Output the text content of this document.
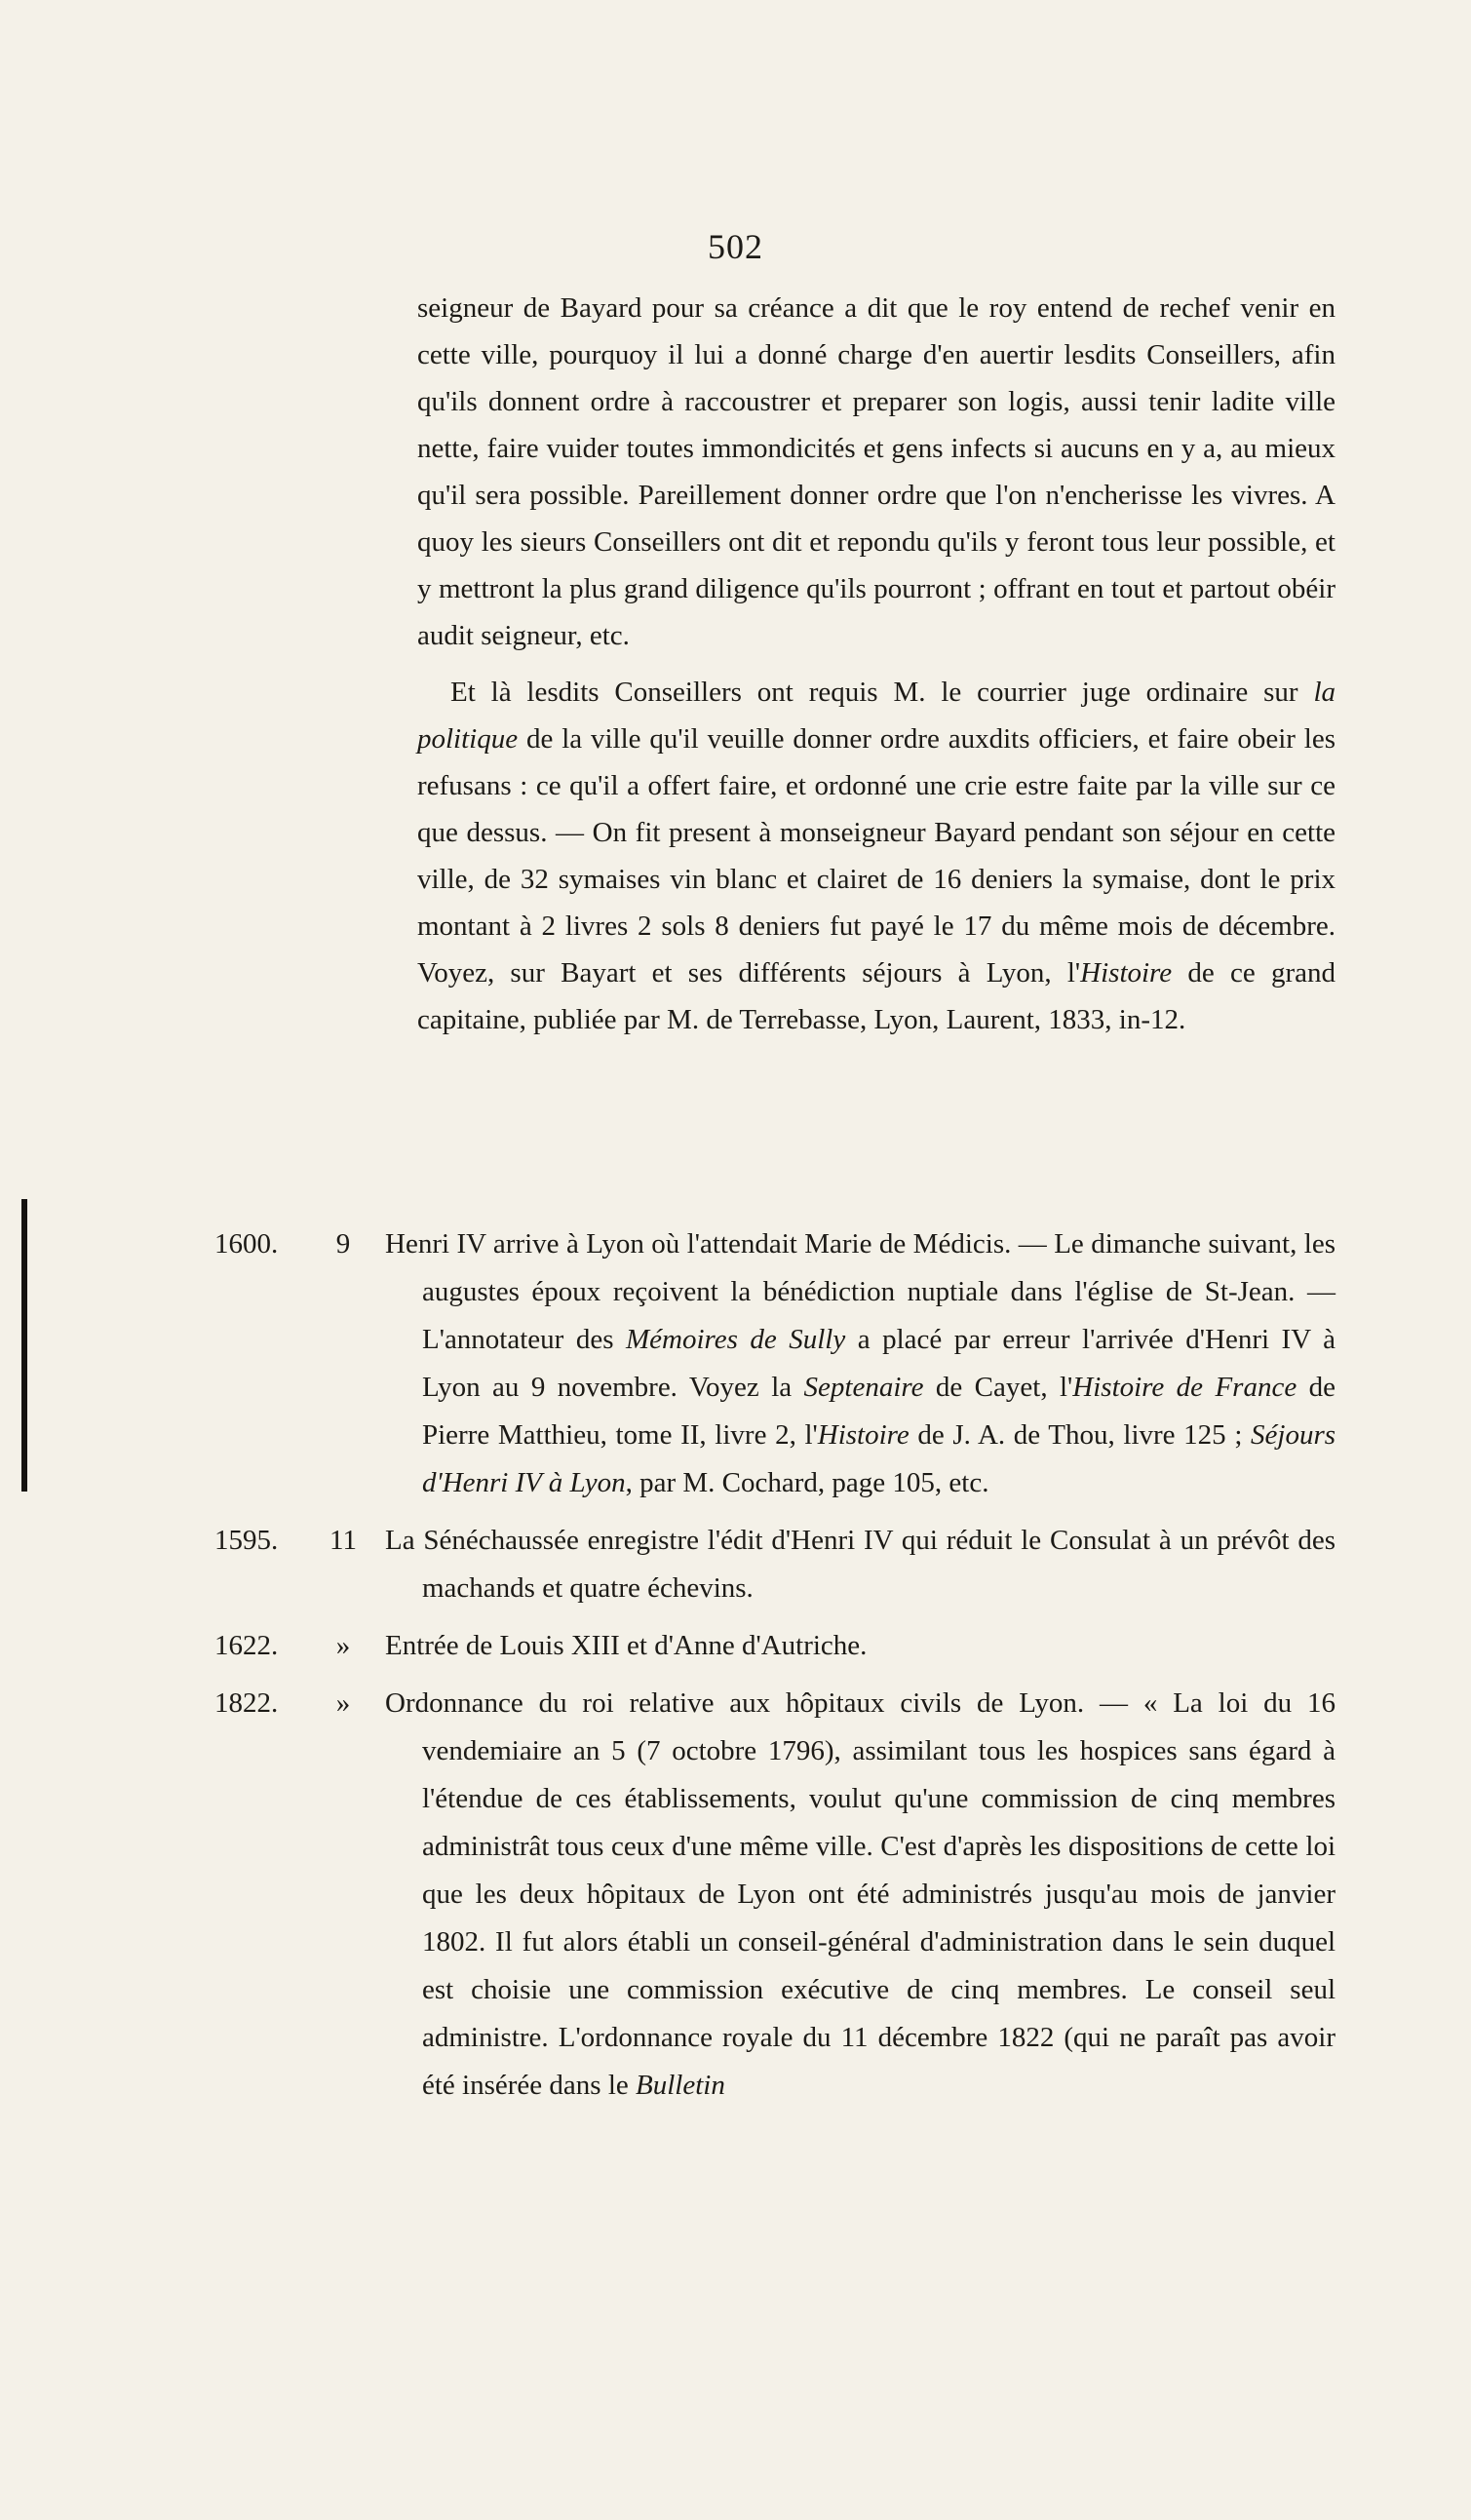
502

seigneur de Bayard pour sa créance a dit que le roy entend de rechef venir en cette ville, pourquoy il lui a donné charge d'en auertir lesdits Conseillers, afin qu'ils donnent ordre à raccoustrer et preparer son logis, aussi tenir ladite ville nette, faire vuider toutes immondicités et gens infects si aucuns en y a, au mieux qu'il sera possible. Pareillement donner ordre que l'on n'encherisse les vivres. A quoy les sieurs Conseillers ont dit et repondu qu'ils y feront tous leur possible, et y mettront la plus grand diligence qu'ils pourront ; offrant en tout et partout obéir audit seigneur, etc.

Et là lesdits Conseillers ont requis M. le courrier juge ordinaire sur la politique de la ville qu'il veuille donner ordre auxdits officiers, et faire obeir les refusans : ce qu'il a offert faire, et ordonné une crie estre faite par la ville sur ce que dessus. — On fit present à monseigneur Bayard pendant son séjour en cette ville, de 32 symaises vin blanc et clairet de 16 deniers la symaise, dont le prix montant à 2 livres 2 sols 8 deniers fut payé le 17 du même mois de décembre. Voyez, sur Bayart et ses différents séjours à Lyon, l'Histoire de ce grand capitaine, publiée par M. de Terrebasse, Lyon, Laurent, 1833, in-12.

1600.	9	Henri IV arrive à Lyon où l'attendait Marie de Médicis. — Le dimanche suivant, les augustes époux reçoivent la bénédiction nuptiale dans l'église de St-Jean. — L'annotateur des Mémoires de Sully a placé par erreur l'arrivée d'Henri IV à Lyon au 9 novembre. Voyez la Septenaire de Cayet, l'Histoire de France de Pierre Matthieu, tome II, livre 2, l'Histoire de J. A. de Thou, livre 125 ; Séjours d'Henri IV à Lyon, par M. Cochard, page 105, etc.
1595. 11 La Sénéchaussée enregistre l'édit d'Henri IV qui réduit le Consulat à un prévôt des machands et quatre échevins.
1622.	»	Entrée de Louis XIII et d'Anne d'Autriche.
1822.	»	Ordonnance du roi relative aux hôpitaux civils de Lyon. — « La loi du 16 vendemiaire an 5 (7 octobre 1796), assimilant tous les hospices sans égard à l'étendue de ces établissements, voulut qu'une commission de cinq membres administrât tous ceux d'une même ville. C'est d'après les dispositions de cette loi que les deux hôpitaux de Lyon ont été administrés jusqu'au mois de janvier 1802. Il fut alors établi un conseil-général d'administration dans le sein duquel est choisie une commission exécutive de cinq membres. Le conseil seul administre. L'ordonnance royale du 11 décembre 1822 (qui ne paraît pas avoir été insérée dans le Bulletin
